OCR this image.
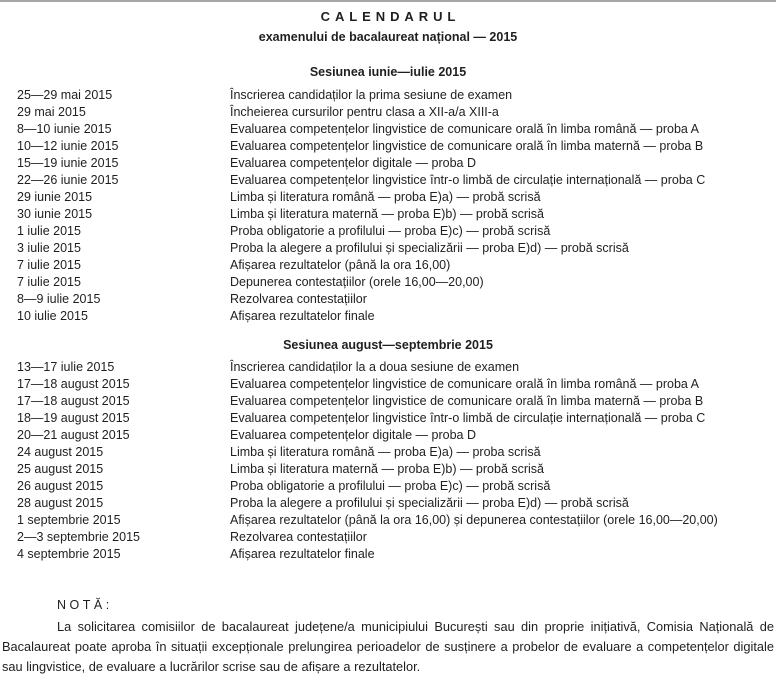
CALENDARUL
examenului de bacalaureat național — 2015
Sesiunea iunie—iulie 2015
25—29 mai 2015	Înscrierea candidaților la prima sesiune de examen
29 mai 2015	Încheierea cursurilor pentru clasa a XII-a/a XIII-a
8—10 iunie 2015	Evaluarea competențelor lingvistice de comunicare orală în limba română — proba A
10—12 iunie 2015	Evaluarea competențelor lingvistice de comunicare orală în limba maternă — proba B
15—19 iunie 2015	Evaluarea competențelor digitale — proba D
22—26 iunie 2015	Evaluarea competențelor lingvistice într-o limbă de circulație internațională — proba C
29 iunie 2015	Limba și literatura română — proba E)a) — probă scrisă
30 iunie 2015	Limba și literatura maternă — proba E)b) — probă scrisă
1 iulie 2015	Proba obligatorie a profilului — proba E)c) — probă scrisă
3 iulie 2015	Proba la alegere a profilului și specializării — proba E)d) — probă scrisă
7 iulie 2015	Afișarea rezultatelor (până la ora 16,00)
7 iulie 2015	Depunerea contestațiilor (orele 16,00—20,00)
8—9 iulie 2015	Rezolvarea contestațiilor
10 iulie 2015	Afișarea rezultatelor finale
Sesiunea august—septembrie 2015
13—17 iulie 2015	Înscrierea candidaților la a doua sesiune de examen
17—18 august 2015	Evaluarea competențelor lingvistice de comunicare orală în limba română — proba A
17—18 august 2015	Evaluarea competențelor lingvistice de comunicare orală în limba maternă — proba B
18—19 august 2015	Evaluarea competențelor lingvistice într-o limbă de circulație internațională — proba C
20—21 august 2015	Evaluarea competențelor digitale — proba D
24 august 2015	Limba și literatura română — proba E)a) — proba scrisă
25 august 2015	Limba și literatura maternă — proba E)b) — probă scrisă
26 august 2015	Proba obligatorie a profilului — proba E)c) — probă scrisă
28 august 2015	Proba la alegere a profilului și specializării — proba E)d) — probă scrisă
1 septembrie 2015	Afișarea rezultatelor (până la ora 16,00) și depunerea contestațiilor (orele 16,00—20,00)
2—3 septembrie 2015	Rezolvarea contestațiilor
4 septembrie 2015	Afișarea rezultatelor finale
NOTĂ:
La solicitarea comisiilor de bacalaureat județene/a municipiului București sau din proprie inițiativă, Comisia Națională de Bacalaureat poate aproba în situații excepționale prelungirea perioadelor de susținere a probelor de evaluare a competențelor digitale sau lingvistice, de evaluare a lucrărilor scrise sau de afișare a rezultatelor.
